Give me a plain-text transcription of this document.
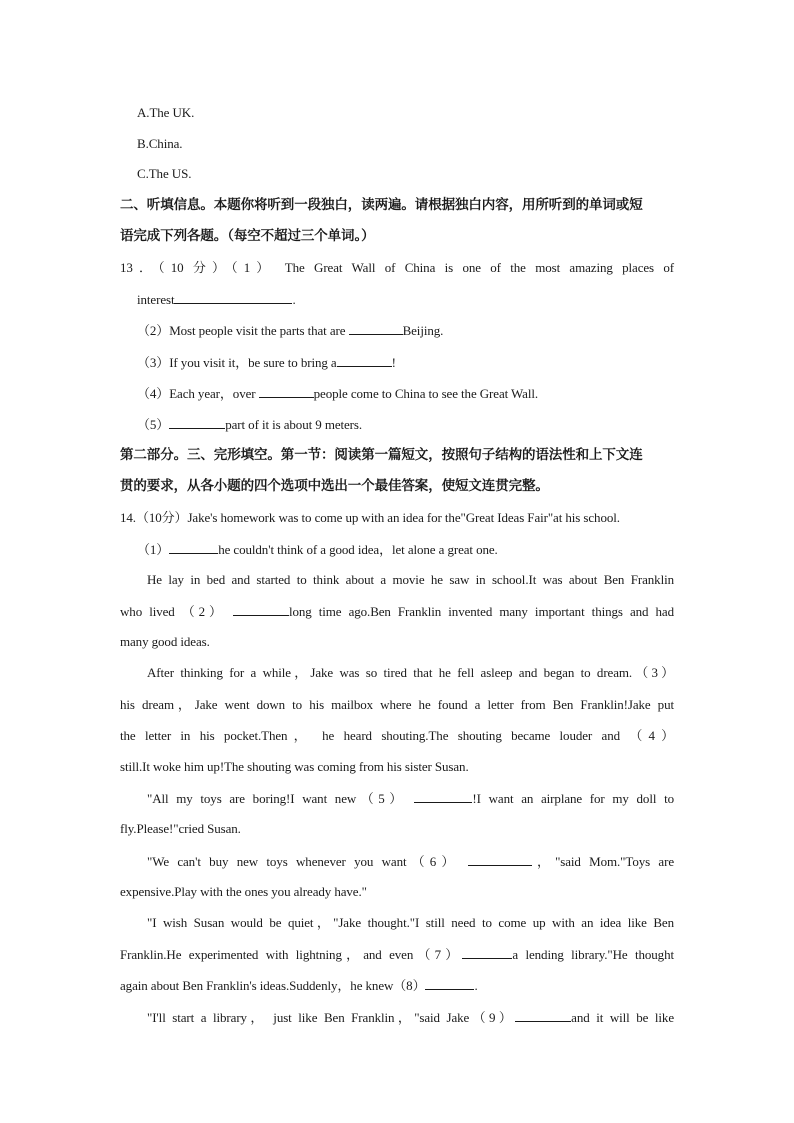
A.The UK.
B.China.
C.The US.
二、听填信息。本题你将听到一段独白，读两遍。请根据独白内容，用所听到的单词或短
语完成下列各题。（每空不超过三个单词。）
13．（10 分）（1） The Great Wall of China is one of the most amazing places of
interest	.
（2）Most people visit the parts that are	Beijing.
（3）If you visit it，be sure to bring a	!
（4）Each year，over	people come to China to see the Great Wall.
（5）	part of it is about 9 meters.
第二部分。三、完形填空。第一节：阅读第一篇短文，按照句子结构的语法性和上下文连
贯的要求，从各小题的四个选项中选出一个最佳答案，使短文连贯完整。
14.（10分）Jake's homework was to come up with an idea for the"Great Ideas Fair"at his school.
（1）	he couldn't think of a good idea，let alone a great one.
He lay in bed and started to think about a movie he saw in school.It was about Ben Franklin
who lived （2）	long time ago.Ben Franklin invented many important things and had
many good ideas.
After thinking for a while，Jake was so tired that he fell asleep and began to dream.（3）
his dream，Jake went down to his mailbox where he found a letter from Ben Franklin!Jake put
the letter in his pocket.Then， he heard shouting.The shouting became louder and （4）
still.It woke him up!The shouting was coming from his sister Susan.
"All my toys are boring!I want new（5）	!I want an airplane for my doll to
fly.Please!"cried Susan.
"We can't buy new toys whenever you want（6）	，"said Mom."Toys are
expensive.Play with the ones you already have."
"I wish Susan would be quiet，"Jake thought."I still need to come up with an idea like Ben
Franklin.He experimented with lightning，and even（7）	a lending library."He thought
again about Ben Franklin's ideas.Suddenly，he knew（8）	.
"I'll start a library， just like Ben Franklin，"said Jake（9）	and it will be like
